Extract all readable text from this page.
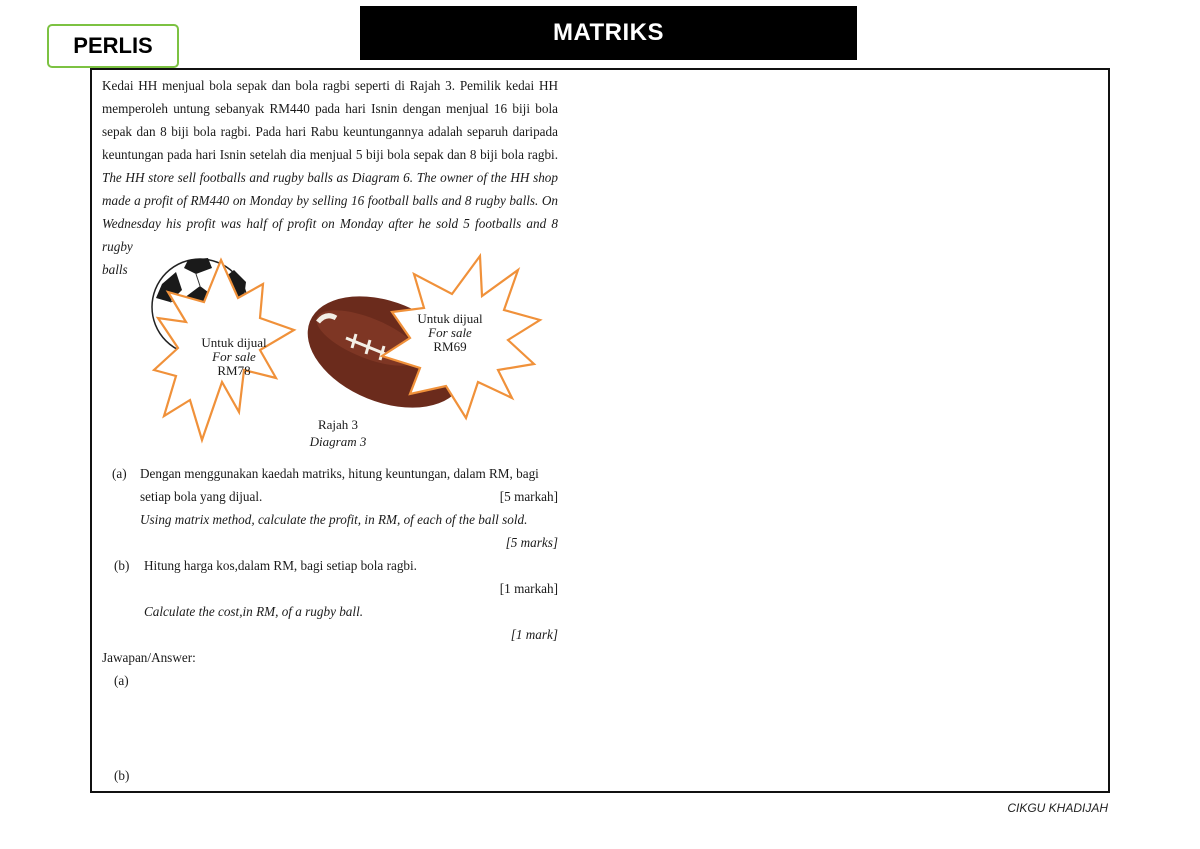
PERLIS	MATRIKS

Kedai HH menjual bola sepak dan bola ragbi seperti di Rajah 3. Pemilik kedai HH

memperoleh untung sebanyak RM440 pada hari Isnin dengan menjual 16 biji bola

sepak dan 8 biji bola ragbi. Pada hari Rabu keuntungannya adalah separuh daripada

keuntungan pada hari Isnin setelah dia menjual 5 biji bola sepak dan 8 biji bola ragbi.

The HH store sell footballs and rugby balls as Diagram 6. The owner of the HH shop

made a profit of RM440 on Monday by selling 16 football balls and 8 rugby balls. On

Wednesday his profit was half of profit on Monday after he sold 5 footballs and 8 rugby

balls

Untuk dijual
For sale
RM78
Untuk dijual
For sale
RM69
Rajah 3
Diagram 3
(a) Dengan menggunakan kaedah matriks, hitung keuntungan, dalam RM, bagi
setiap bola yang dijual.	[5 markah]
Using matrix method, calculate the profit, in RM, of each of the ball sold.
[5 marks]
(b) Hitung harga kos,dalam RM, bagi setiap bola ragbi.
[1 markah]
Calculate the cost,in RM, of a rugby ball.
[1 mark]
Jawapan/Answer:
(a)
(b)
CIKGU KHADIJAH
